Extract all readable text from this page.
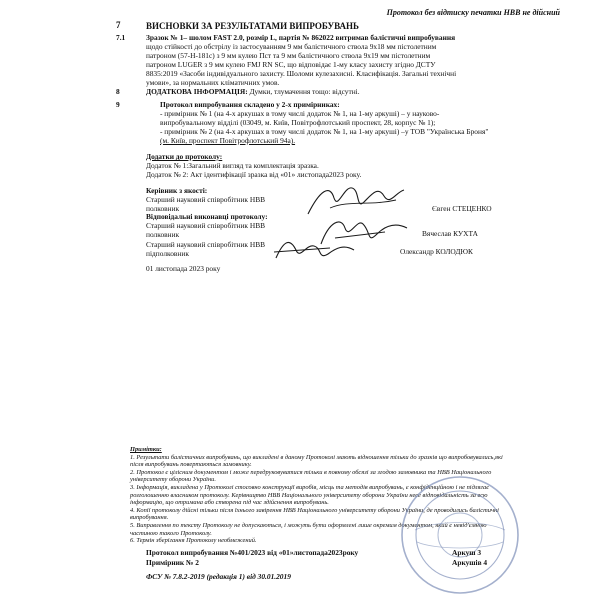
Протокол без відтиску печатки НВВ не дійсний
7	ВИСНОВКИ ЗА РЕЗУЛЬТАТАМИ ВИПРОБУВАНЬ
7.1	Зразок № 1– шолом FAST 2.0, розмір L, партія № 862022 витримав балістичні випробування
щодо стійкості до обстрілу із застосуванням 9 мм балістичного ствола 9х18 мм пістолетним
патроном (57-Н-181с) з 9 мм кулею Пст та 9 мм балістичного ствола 9х19 мм пістолетним
патроном LUGER з 9 мм кулею FMJ RN SC, що відповідає 1-му класу захисту згідно ДСТУ
8835:2019 «Засоби індивідуального захисту. Шоломи кулезахисні. Класифікація. Загальні технічні
умови», за нормальних кліматичних умов.
8	ДОДАТКОВА ІНФОРМАЦІЯ: Думки, тлумачення тощо: відсутні.
9	Протокол випробування складено у 2-х примірниках:
- примірник № 1 (на 4-х аркушах в тому числі додаток № 1, на 1-му аркуші) – у науково-
випробувальному відділі (03049, м. Київ, Повітрофлотський проспект, 28, корпус № 1);
- примірник № 2 (на 4-х аркушах в тому числі додаток № 1, на 1-му аркуші) –у ТОВ "Українська Броня"
(м. Київ, проспект Повітрофлотський 94а).
Додатки до протоколу:
Додаток № 1:Загальний вигляд та комплектація зразка.
Додаток № 2: Акт ідентифікації зразка від «01» листопада2023 року.
Керівник з якості:
Старший науковий співробітник НВВ
полковник	Євген СТЕЦЕНКО
Відповідальні виконавці протоколу:
Старший науковий співробітник НВВ
полковник	Вячеслав КУХТА
Старший науковий співробітник НВВ
підполковник	Олександр КОЛОДЮК
01 листопада 2023 року
Примітки:
1. Результати балістичних випробувань, що викладені в даному Протоколі мають відношення тільки до зразків що випробовувались,які після випробувань повертаються замовнику.
2. Протокол є цілісним документом і може передруковуватися тільки в повному обсязі за згодою замовника та НВВ Національного університету оборони України.
3. Інформація, викладена у Протоколі стосовно конструкції виробів, місць та методів випробувань, є конфіденційною і не підлягає розголошенню власником протоколу. Керівництво НВВ Національного університету оборони України несе відповідальність за всю інформацію, що отримана або створена під час здійснення випробувань.
4. Копії протоколу дійсні тільки після їхнього завірення НВВ Національного університету оборони України, де проводились балістичні випробування.
5. Виправлення по тексту Протоколу не допускаються, і можуть бути оформлені лише окремим документом, який є невід'ємною частиною такого Протоколу.
6. Термін зберігання Протоколу необмежений.
Протокол випробування №401/2023 від «01»листопада2023року	Аркуш 3
Примірник № 2	Аркушів 4
ФСУ № 7.8.2-2019 (редакція 1) від 30.01.2019
